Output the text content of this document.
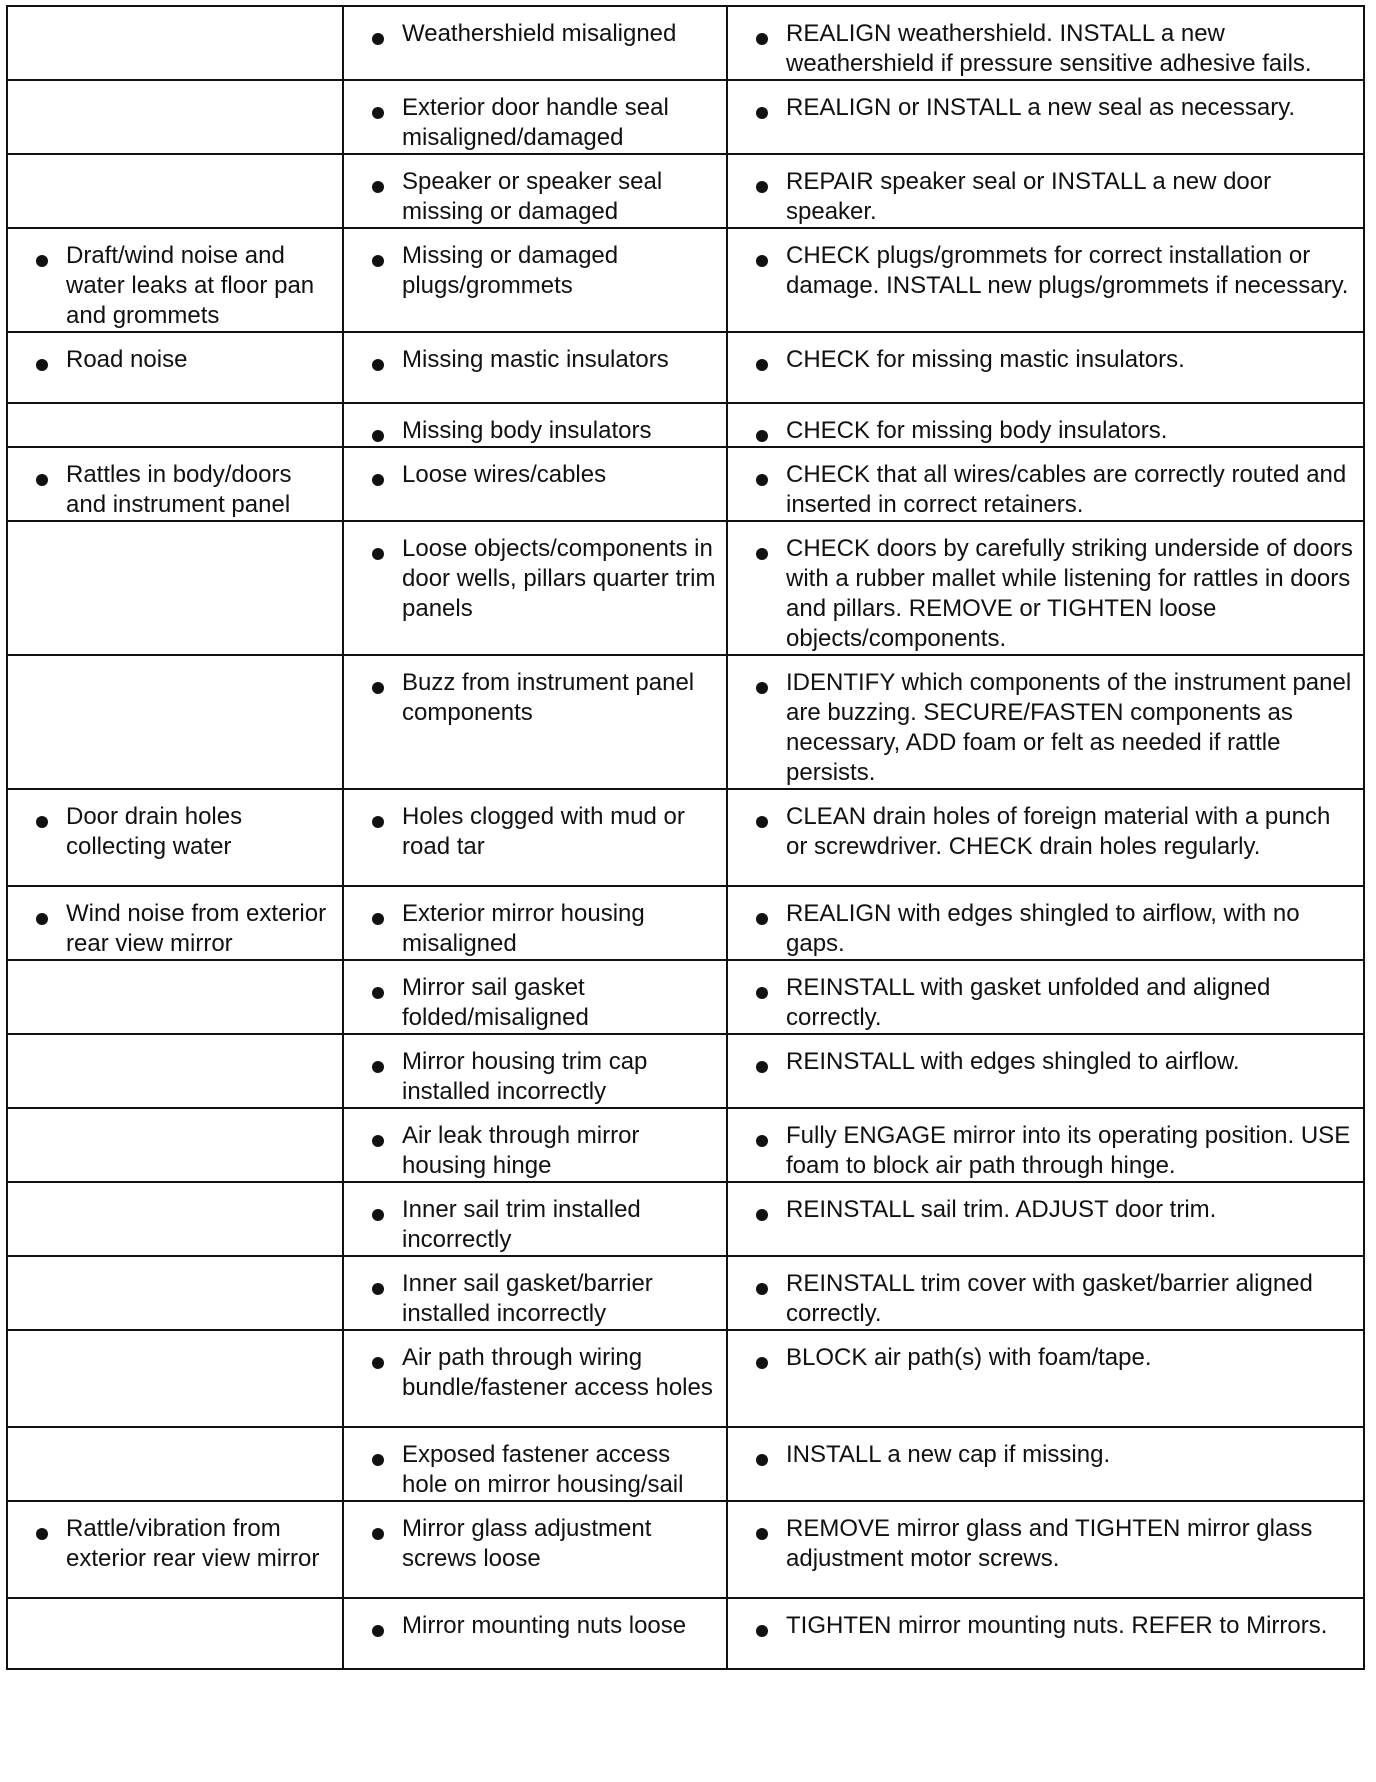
	Weathershield misaligned	REALIGN weathershield. INSTALL a new weathershield if pressure sensitive adhesive fails.

	Exterior door handle seal misaligned/damaged	REALIGN or INSTALL a new seal as necessary.

	Speaker or speaker seal missing or damaged	REPAIR speaker seal or INSTALL a new door speaker.

Draft/wind noise and water leaks at floor pan and grommets	Missing or damaged plugs/grommets	CHECK plugs/grommets for correct installation or damage. INSTALL new plugs/grommets if necessary.

Road noise	Missing mastic insulators	CHECK for missing mastic insulators.

	Missing body insulators	CHECK for missing body insulators.

Rattles in body/doors and instrument panel	Loose wires/cables	CHECK that all wires/cables are correctly routed and inserted in correct retainers.

	Loose objects/components in door wells, pillars quarter trim panels	CHECK doors by carefully striking underside of doors with a rubber mallet while listening for rattles in doors and pillars. REMOVE or TIGHTEN loose objects/components.

	Buzz from instrument panel components	IDENTIFY which components of the instrument panel are buzzing. SECURE/FASTEN components as necessary, ADD foam or felt as needed if rattle persists.

Door drain holes collecting water	Holes clogged with mud or road tar	CLEAN drain holes of foreign material with a punch or screwdriver. CHECK drain holes regularly.

Wind noise from exterior rear view mirror	Exterior mirror housing misaligned	REALIGN with edges shingled to airflow, with no gaps.

	Mirror sail gasket folded/misaligned	REINSTALL with gasket unfolded and aligned correctly.

	Mirror housing trim cap installed incorrectly	REINSTALL with edges shingled to airflow.

	Air leak through mirror housing hinge	Fully ENGAGE mirror into its operating position. USE foam to block air path through hinge.

	Inner sail trim installed incorrectly	REINSTALL sail trim. ADJUST door trim.

	Inner sail gasket/barrier installed incorrectly	REINSTALL trim cover with gasket/barrier aligned correctly.

	Air path through wiring bundle/fastener access holes	BLOCK air path(s) with foam/tape.

	Exposed fastener access hole on mirror housing/sail	INSTALL a new cap if missing.

Rattle/vibration from exterior rear view mirror	Mirror glass adjustment screws loose	REMOVE mirror glass and TIGHTEN mirror glass adjustment motor screws.

	Mirror mounting nuts loose	TIGHTEN mirror mounting nuts. REFER to Mirrors.
